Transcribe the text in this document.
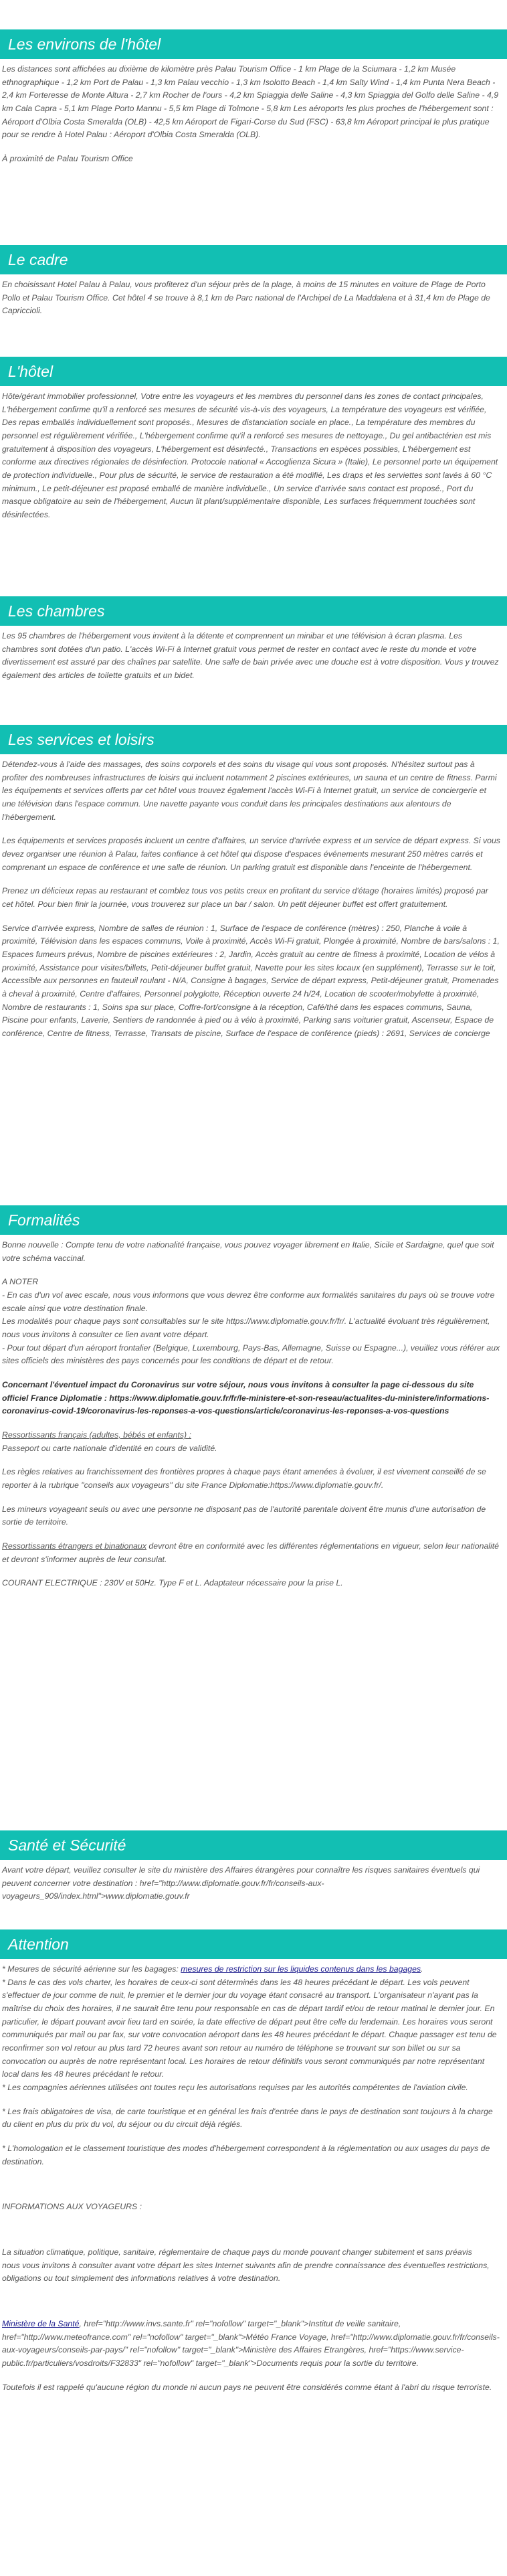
Les environs de l'hôtel

Les distances sont affichées au dixième de kilomètre près Palau Tourism Office - 1 km Plage de la Sciumara - 1,2 km Musée ethnographique - 1,2 km Port de Palau - 1,3 km Palau vecchio - 1,3 km Isolotto Beach - 1,4 km Salty Wind - 1,4 km Punta Nera Beach - 2,4 km Forteresse de Monte Altura - 2,7 km Rocher de l'ours - 4,2 km Spiaggia delle Saline - 4,3 km Spiaggia del Golfo delle Saline - 4,9 km Cala Capra - 5,1 km Plage Porto Mannu - 5,5 km Plage di Tolmone - 5,8 km Les aéroports les plus proches de l'hébergement sont : Aéroport d'Olbia Costa Smeralda (OLB) - 42,5 km Aéroport de Figari-Corse du Sud (FSC) - 63,8 km Aéroport principal le plus pratique pour se rendre à Hotel Palau : Aéroport d'Olbia Costa Smeralda (OLB).

À proximité de Palau Tourism Office

Le cadre

En choisissant Hotel Palau à Palau, vous profiterez d'un séjour près de la plage, à moins de 15 minutes en voiture de Plage de Porto Pollo et Palau Tourism Office. Cet hôtel 4 se trouve à 8,1 km de Parc national de l'Archipel de La Maddalena et à 31,4 km de Plage de Capriccioli.

L'hôtel

Hôte/gérant immobilier professionnel, Votre entre les voyageurs et les membres du personnel dans les zones de contact principales, L'hébergement confirme qu'il a renforcé ses mesures de sécurité vis-à-vis des voyageurs, La température des voyageurs est vérifiée, Des repas emballés individuellement sont proposés., Mesures de distanciation sociale en place., La température des membres du personnel est régulièrement vérifiée., L'hébergement confirme qu'il a renforcé ses mesures de nettoyage., Du gel antibactérien est mis gratuitement à disposition des voyageurs, L'hébergement est désinfecté., Transactions en espèces possibles, L'hébergement est conforme aux directives régionales de désinfection. Protocole national « Accoglienza Sicura » (Italie), Le personnel porte un équipement de protection individuelle., Pour plus de sécurité, le service de restauration a été modifié, Les draps et les serviettes sont lavés à 60 °C minimum., Le petit-déjeuner est proposé emballé de manière individuelle., Un service d'arrivée sans contact est proposé., Port du masque obligatoire au sein de l'hébergement, Aucun lit plant/supplémentaire disponible, Les surfaces fréquemment touchées sont désinfectées.

Les chambres

Les 95 chambres de l'hébergement vous invitent à la détente et comprennent un minibar et une télévision à écran plasma. Les chambres sont dotées d'un patio. L'accès Wi-Fi à Internet gratuit vous permet de rester en contact avec le reste du monde et votre divertissement est assuré par des chaînes par satellite. Une salle de bain privée avec une douche est à votre disposition. Vous y trouvez également des articles de toilette gratuits et un bidet.

Les services et loisirs

Détendez-vous à l'aide des massages, des soins corporels et des soins du visage qui vous sont proposés. N'hésitez surtout pas à profiter des nombreuses infrastructures de loisirs qui incluent notamment 2 piscines extérieures, un sauna et un centre de fitness. Parmi les équipements et services offerts par cet hôtel vous trouvez également l'accès Wi-Fi à Internet gratuit, un service de conciergerie et une télévision dans l'espace commun. Une navette payante vous conduit dans les principales destinations aux alentours de l'hébergement.

Les équipements et services proposés incluent un centre d'affaires, un service d'arrivée express et un service de départ express. Si vous devez organiser une réunion à Palau, faites confiance à cet hôtel qui dispose d'espaces événements mesurant 250 mètres carrés et comprenant un espace de conférence et une salle de réunion. Un parking gratuit est disponible dans l'enceinte de l'hébergement.

Prenez un délicieux repas au restaurant et comblez tous vos petits creux en profitant du service d'étage (horaires limités) proposé par cet hôtel. Pour bien finir la journée, vous trouverez sur place un bar / salon. Un petit déjeuner buffet est offert gratuitement.

Service d'arrivée express, Nombre de salles de réunion : 1, Surface de l'espace de conférence (mètres) : 250, Planche à voile à proximité, Télévision dans les espaces communs, Voile à proximité, Accès Wi-Fi gratuit, Plongée à proximité, Nombre de bars/salons : 1, Espaces fumeurs prévus, Nombre de piscines extérieures : 2, Jardin, Accès gratuit au centre de fitness à proximité, Location de vélos à proximité, Assistance pour visites/billets, Petit-déjeuner buffet gratuit, Navette pour les sites locaux (en supplément), Terrasse sur le toit, Accessible aux personnes en fauteuil roulant - N/A, Consigne à bagages, Service de départ express, Petit-déjeuner gratuit, Promenades à cheval à proximité, Centre d'affaires, Personnel polyglotte, Réception ouverte 24 h/24, Location de scooter/mobylette à proximité, Nombre de restaurants : 1, Soins spa sur place, Coffre-fort/consigne à la réception, Café/thé dans les espaces communs, Sauna, Piscine pour enfants, Laverie, Sentiers de randonnée à pied ou à vélo à proximité, Parking sans voiturier gratuit, Ascenseur, Espace de conférence, Centre de fitness, Terrasse, Transats de piscine, Surface de l'espace de conférence (pieds) : 2691, Services de concierge

Formalités

Bonne nouvelle : Compte tenu de votre nationalité française, vous pouvez voyager librement en Italie, Sicile et Sardaigne, quel que soit votre schéma vaccinal.

A NOTER
- En cas d'un vol avec escale, nous vous informons que vous devrez être conforme aux formalités sanitaires du pays où se trouve votre escale ainsi que votre destination finale.
Les modalités pour chaque pays sont consultables sur le site https://www.diplomatie.gouv.fr/fr/. L'actualité évoluant très régulièrement, nous vous invitons à consulter ce lien avant votre départ.
- Pour tout départ d'un aéroport frontalier (Belgique, Luxembourg, Pays-Bas, Allemagne, Suisse ou Espagne...), veuillez vous référer aux sites officiels des ministères des pays concernés pour les conditions de départ et de retour.

Concernant l'éventuel impact du Coronavirus sur votre séjour, nous vous invitons à consulter la page ci-dessous du site officiel France Diplomatie : https://www.diplomatie.gouv.fr/fr/le-ministere-et-son-reseau/actualites-du-ministere/informations-coronavirus-covid-19/coronavirus-les-reponses-a-vos-questions/article/coronavirus-les-reponses-a-vos-questions

Ressortissants français (adultes, bébés et enfants) :
Passeport ou carte nationale d'identité en cours de validité.

Les règles relatives au franchissement des frontières propres à chaque pays étant amenées à évoluer, il est vivement conseillé de se reporter à la rubrique "conseils aux voyageurs" du site France Diplomatie:https://www.diplomatie.gouv.fr/.

Les mineurs voyageant seuls ou avec une personne ne disposant pas de l'autorité parentale doivent être munis d'une autorisation de sortie de territoire.

Ressortissants étrangers et binationaux devront être en conformité avec les différentes réglementations en vigueur, selon leur nationalité et devront s'informer auprès de leur consulat.

COURANT ELECTRIQUE : 230V et 50Hz. Type F et L. Adaptateur nécessaire pour la prise L.

Santé et Sécurité

Avant votre départ, veuillez consulter le site du ministère des Affaires étrangères pour connaître les risques sanitaires éventuels qui peuvent concerner votre destination : href="http://www.diplomatie.gouv.fr/fr/conseils-aux-voyageurs_909/index.html">www.diplomatie.gouv.fr

Attention

* Mesures de sécurité aérienne sur les bagages: mesures de restriction sur les liquides contenus dans les bagages.

* Dans le cas des vols charter, les horaires de ceux-ci sont déterminés dans les 48 heures précédant le départ. Les vols peuvent s'effectuer de jour comme de nuit, le premier et le dernier jour du voyage étant consacré au transport. L'organisateur n'ayant pas la maîtrise du choix des horaires, il ne saurait être tenu pour responsable en cas de départ tardif et/ou de retour matinal le dernier jour. En particulier, le départ pouvant avoir lieu tard en soirée, la date effective de départ peut être celle du lendemain. Les horaires vous seront communiqués par mail ou par fax, sur votre convocation aéroport dans les 48 heures précédant le départ. Chaque passager est tenu de reconfirmer son vol retour au plus tard 72 heures avant son retour au numéro de téléphone se trouvant sur son billet ou sur sa convocation ou auprès de notre représentant local. Les horaires de retour définitifs vous seront communiqués par notre représentant local dans les 48 heures précédant le retour.

* Les compagnies aériennes utilisées ont toutes reçu les autorisations requises par les autorités compétentes de l'aviation civile.

* Les frais obligatoires de visa, de carte touristique et en général les frais d'entrée dans le pays de destination sont toujours à la charge du client en plus du prix du vol, du séjour ou du circuit déjà réglés.

* L'homologation et le classement touristique des modes d'hébergement correspondent à la réglementation ou aux usages du pays de destination.

INFORMATIONS AUX VOYAGEURS :

La situation climatique, politique, sanitaire, réglementaire de chaque pays du monde pouvant changer subitement et sans préavis
nous vous invitons à consulter avant votre départ les sites Internet suivants afin de prendre connaissance des éventuelles restrictions, obligations ou tout simplement des informations relatives à votre destination.

Ministère de la Santé, href="http://www.invs.sante.fr" rel="nofollow" target="_blank">Institut de veille sanitaire, href="http://www.meteofrance.com" rel="nofollow" target="_blank">Météo France Voyage, href="http://www.diplomatie.gouv.fr/fr/conseils-aux-voyageurs/conseils-par-pays/" rel="nofollow" target="_blank">Ministère des Affaires Etrangères, href="https://www.service-public.fr/particuliers/vosdroits/F32833" rel="nofollow" target="_blank">Documents requis pour la sortie du territoire.

Toutefois il est rappelé qu'aucune région du monde ni aucun pays ne peuvent être considérés comme étant à l'abri du risque terroriste.
